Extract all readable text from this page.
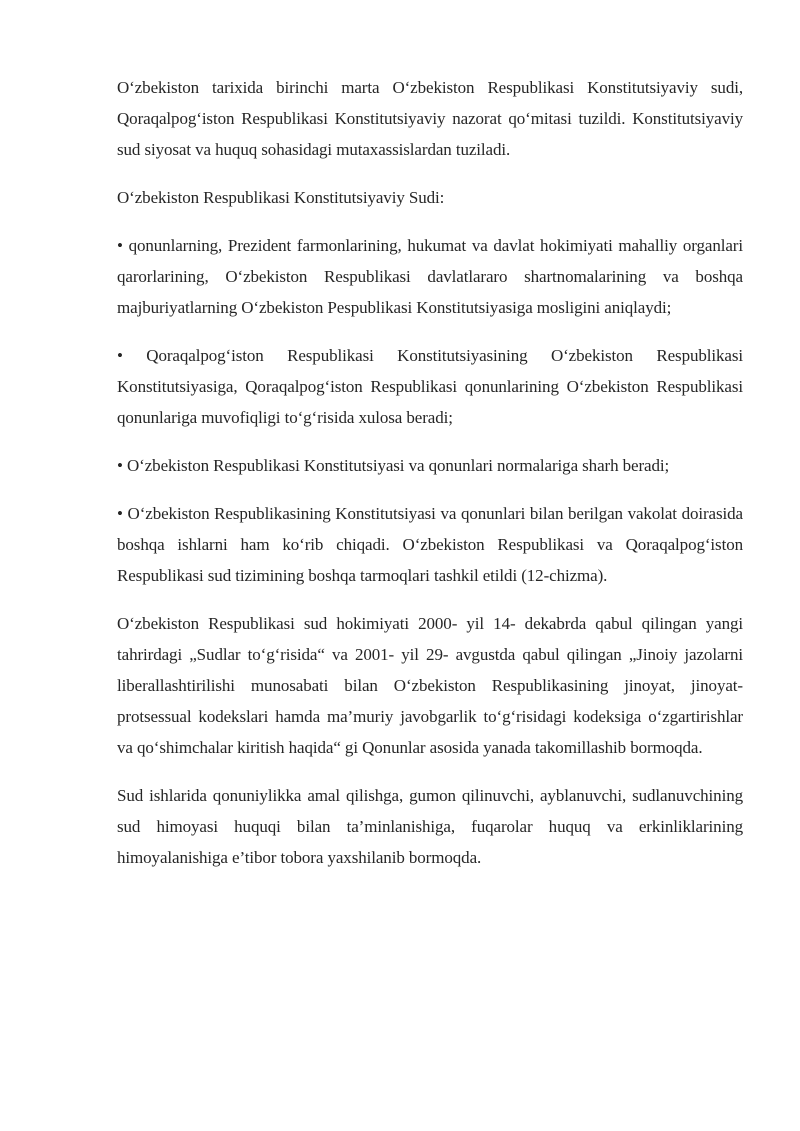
O‘zbekiston tarixida birinchi marta O‘zbekiston Respublikasi Konstitutsiyaviy sudi, Qoraqalpog‘iston Respublikasi Konstitutsiyaviy nazorat qo‘mitasi tuzildi. Konstitutsiyaviy sud siyosat va huquq sohasidagi mutaxassislardan tuziladi.

O‘zbekiston Respublikasi Konstitutsiyaviy Sudi:

• qonunlarning, Prezident farmonlarining, hukumat va davlat hokimiyati mahalliy organlari qarorlarining, O‘zbekiston Respublikasi davlatlararo shartnomalarining va boshqa majburiyatlarning O‘zbekiston Pespublikasi Konstitutsiyasiga mosligini aniqlaydi;

• Qoraqalpog‘iston Respublikasi Konstitutsiyasining O‘zbekiston Respublikasi Konstitutsiyasiga, Qoraqalpog‘iston Respublikasi qonunlarining O‘zbekiston Respublikasi qonunlariga muvofiqligi to‘g‘risida xulosa beradi;

• O‘zbekiston Respublikasi Konstitutsiyasi va qonunlari normalariga sharh beradi;

• O‘zbekiston Respublikasining Konstitutsiyasi va qonunlari bilan berilgan vakolat doirasida boshqa ishlarni ham ko‘rib chiqadi. O‘zbekiston Respublikasi va Qoraqalpog‘iston Respublikasi sud tizimining boshqa tarmoqlari tashkil etildi (12-chizma).

O‘zbekiston Respublikasi sud hokimiyati 2000- yil 14- dekabrda qabul qilingan yangi tahrirdagi „Sudlar to‘g‘risida“ va 2001- yil 29- avgustda qabul qilingan „Jinoiy jazolarni liberallashtirilishi munosabati bilan O‘zbekiston Respublikasining jinoyat, jinoyat-protsessual kodekslari hamda ma’muriy javobgarlik to‘g‘risidagi kodeksiga o‘zgartirishlar va qo‘shimchalar kiritish haqida“ gi Qonunlar asosida yanada takomillashib bormoqda.

Sud ishlarida qonuniylikka amal qilishga, gumon qilinuvchi, ayblanuvchi, sudlanuvchining sud himoyasi huquqi bilan ta’minlanishiga, fuqarolar huquq va erkinliklarining himoyalanishiga e’tibor tobora yaxshilanib bormoqda.
